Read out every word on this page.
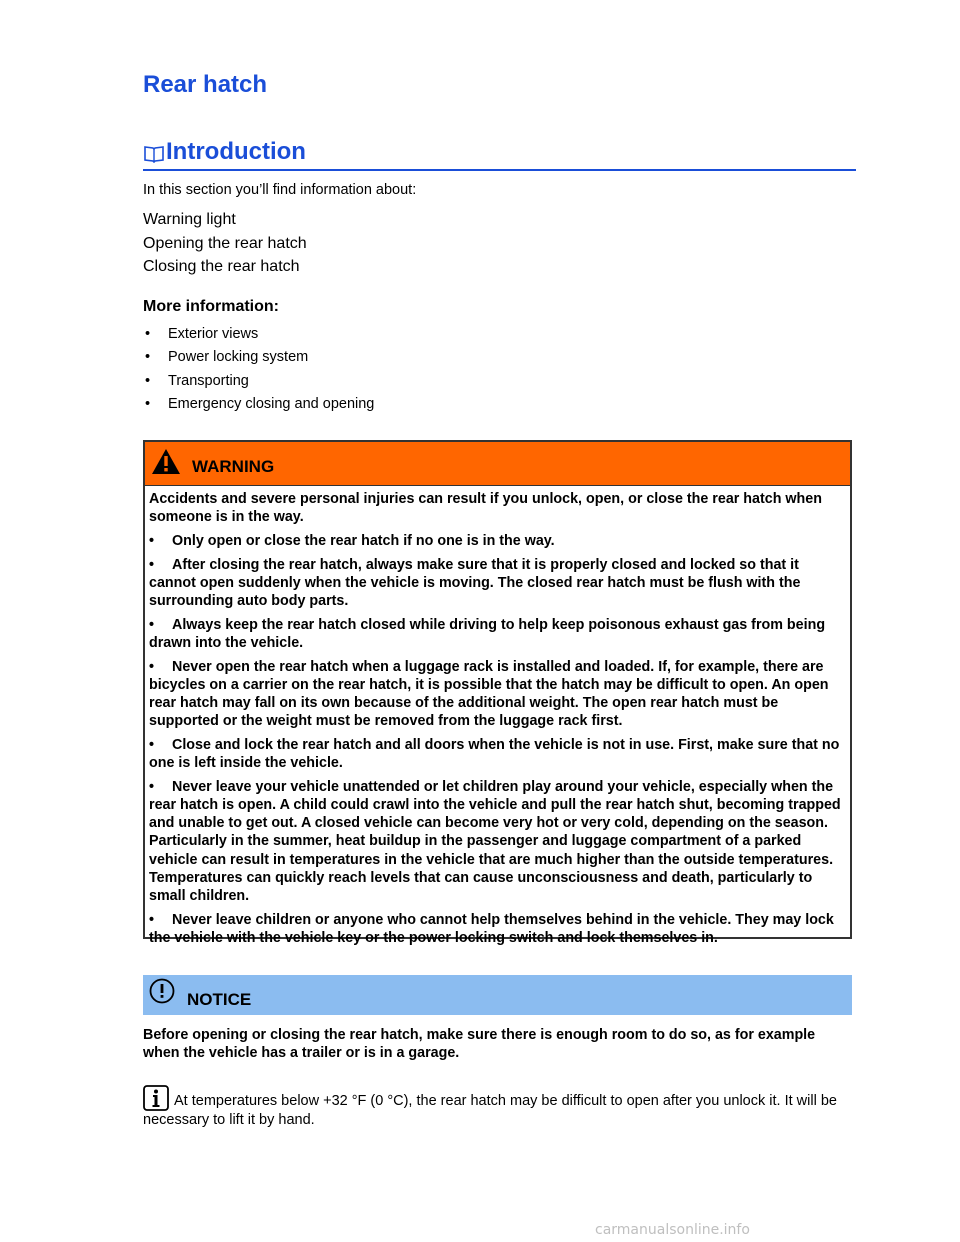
Rear hatch
Introduction
In this section you’ll find information about:
Warning light
Opening the rear hatch
Closing the rear hatch
More information:
•	Exterior views
•	Power locking system
•	Transporting
•	Emergency closing and opening
WARNING

Accidents and severe personal injuries can result if you unlock, open, or close the rear hatch when someone is in the way.

• Only open or close the rear hatch if no one is in the way.
• After closing the rear hatch, always make sure that it is properly closed and locked so that it cannot open suddenly when the vehicle is moving. The closed rear hatch must be flush with the surrounding auto body parts.
• Always keep the rear hatch closed while driving to help keep poisonous exhaust gas from being drawn into the vehicle.
• Never open the rear hatch when a luggage rack is installed and loaded. If, for example, there are bicycles on a carrier on the rear hatch, it is possible that the hatch may be difficult to open. An open rear hatch may fall on its own because of the additional weight. The open rear hatch must be supported or the weight must be removed from the luggage rack first.
• Close and lock the rear hatch and all doors when the vehicle is not in use. First, make sure that no one is left inside the vehicle.
• Never leave your vehicle unattended or let children play around your vehicle, especially when the rear hatch is open. A child could crawl into the vehicle and pull the rear hatch shut, becoming trapped and unable to get out. A closed vehicle can become very hot or very cold, depending on the season. Particularly in the summer, heat buildup in the passenger and luggage compartment of a parked vehicle can result in temperatures in the vehicle that are much higher than the outside temperatures. Temperatures can quickly reach levels that can cause unconsciousness and death, particularly to small children.
• Never leave children or anyone who cannot help themselves behind in the vehicle. They may lock the vehicle with the vehicle key or the power locking switch and lock themselves in.
NOTICE
Before opening or closing the rear hatch, make sure there is enough room to do so, as for example when the vehicle has a trailer or is in a garage.
At temperatures below +32 °F (0 °C), the rear hatch may be difficult to open after you unlock it. It will be necessary to lift it by hand.
carmanualsonline.info
